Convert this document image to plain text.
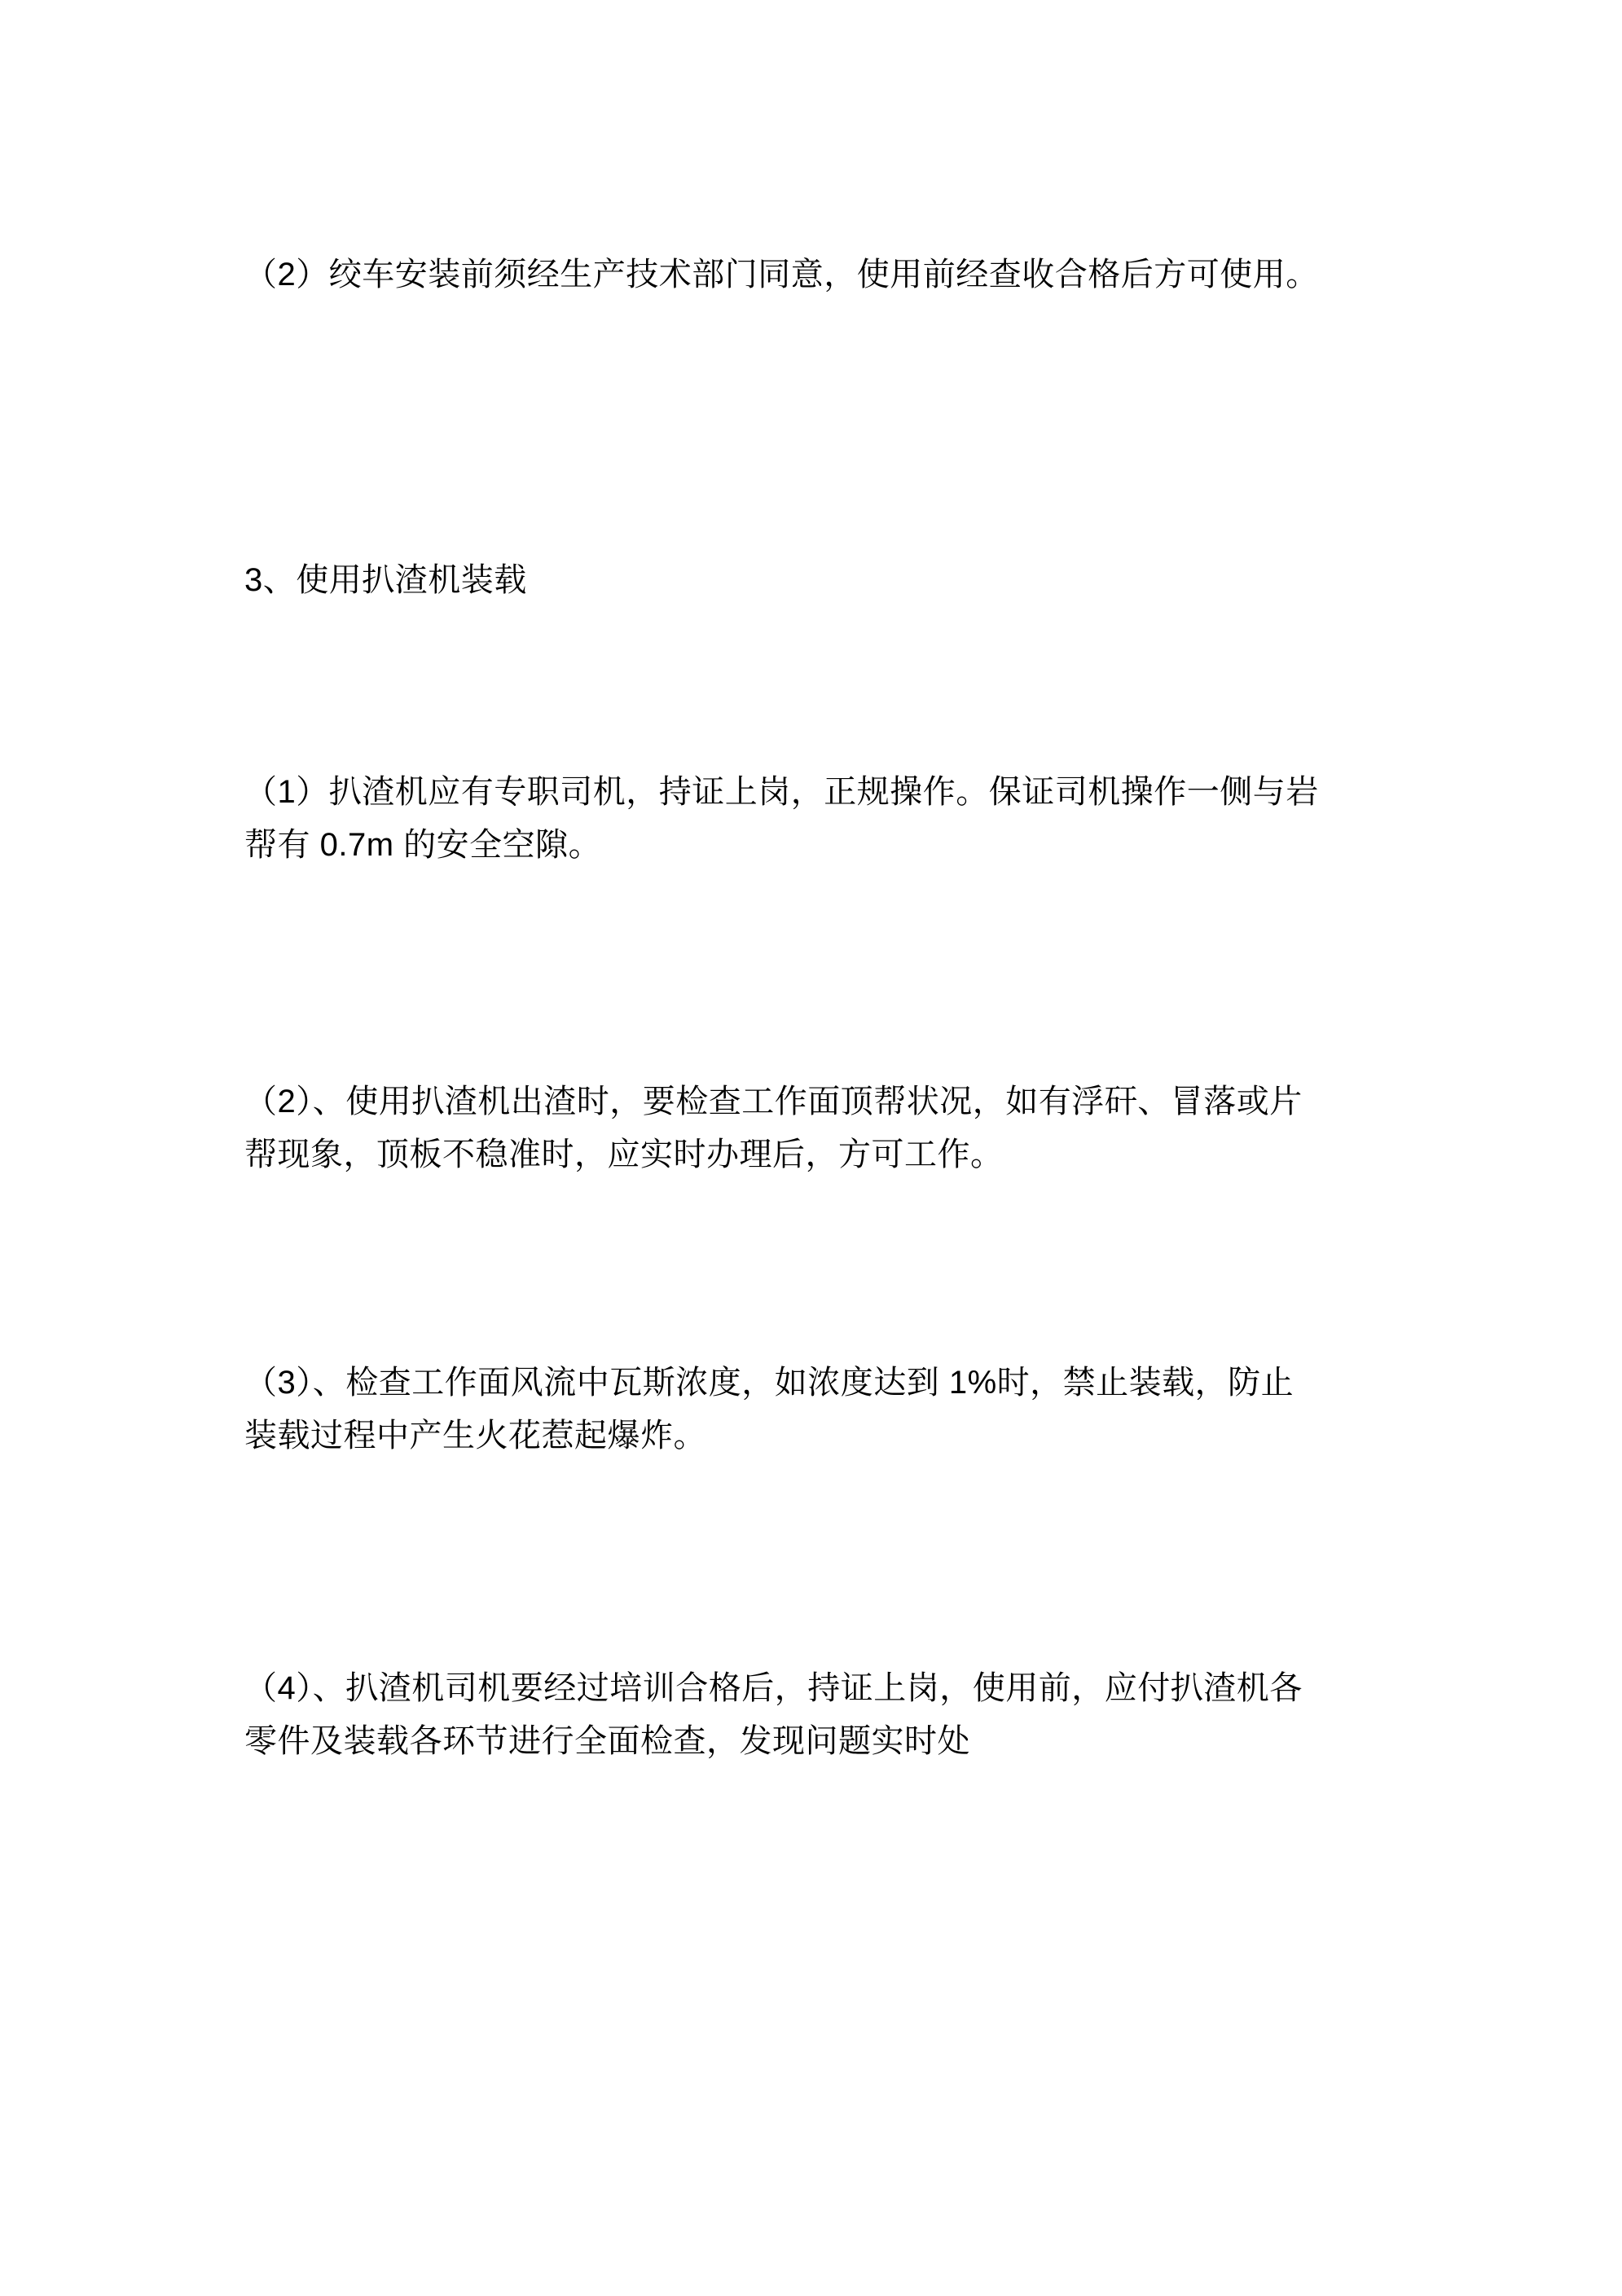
（2）绞车安装前须经生产技术部门同意，使用前经查收合格后方可使用。

3、使用扒渣机装载

（1）扒渣机应有专职司机，持证上岗，正规操作。保证司机操作一侧与岩帮有 0.7m 的安全空隙。

（2）、使用扒渣机出渣时，要检查工作面顶帮状况，如有浮矸、冒落或片帮现象，顶板不稳准时，应实时办理后，方可工作。

（3）、检查工作面风流中瓦斯浓度，如浓度达到 1%时，禁止装载，防止装载过程中产生火花惹起爆炸。

（4）、扒渣机司机要经过培训合格后，持证上岗，使用前，应付扒渣机各零件及装载各环节进行全面检查，发现问题实时处
